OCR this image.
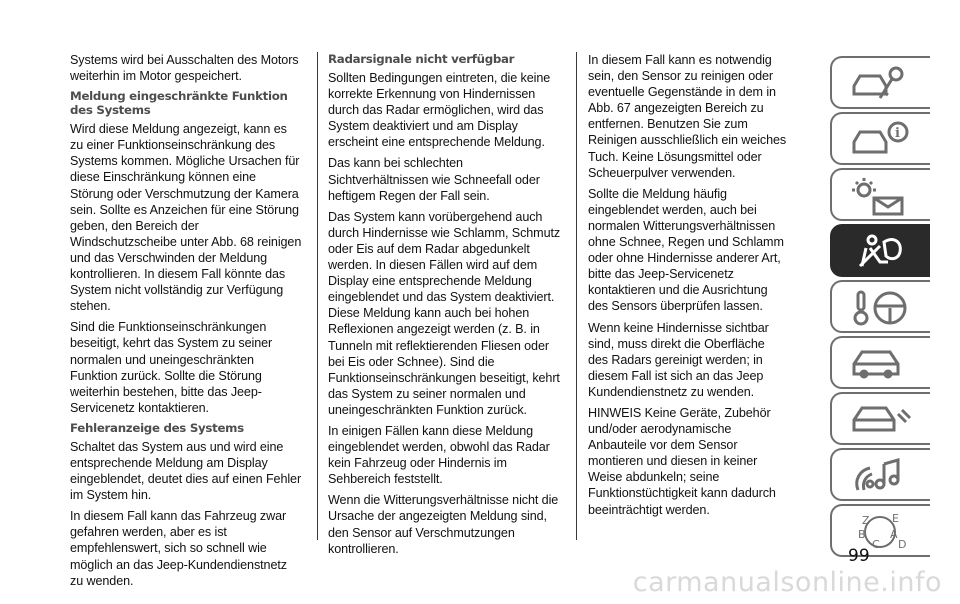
Systems wird bei Ausschalten des Motors weiterhin im Motor gespeichert.

Meldung eingeschränkte Funktion des Systems

Wird diese Meldung angezeigt, kann es zu einer Funktionseinschränkung des Systems kommen. Mögliche Ursachen für diese Einschränkung können eine Störung oder Verschmutzung der Kamera sein. Sollte es Anzeichen für eine Störung geben, den Bereich der Windschutzscheibe unter Abb. 68 reinigen und das Verschwinden der Meldung kontrollieren. In diesem Fall könnte das System nicht vollständig zur Verfügung stehen.

Sind die Funktionseinschränkungen beseitigt, kehrt das System zu seiner normalen und uneingeschränkten Funktion zurück. Sollte die Störung weiterhin bestehen, bitte das Jeep-Servicenetz kontaktieren.

Fehleranzeige des Systems

Schaltet das System aus und wird eine entsprechende Meldung am Display eingeblendet, deutet dies auf einen Fehler im System hin.

In diesem Fall kann das Fahrzeug zwar gefahren werden, aber es ist empfehlenswert, sich so schnell wie möglich an das Jeep-Kundendienstnetz zu wenden.

Radarsignale nicht verfügbar

Sollten Bedingungen eintreten, die keine korrekte Erkennung von Hindernissen durch das Radar ermöglichen, wird das System deaktiviert und am Display erscheint eine entsprechende Meldung.

Das kann bei schlechten Sichtverhältnissen wie Schneefall oder heftigem Regen der Fall sein.

Das System kann vorübergehend auch durch Hindernisse wie Schlamm, Schmutz oder Eis auf dem Radar abgedunkelt werden. In diesen Fällen wird auf dem Display eine entsprechende Meldung eingeblendet und das System deaktiviert. Diese Meldung kann auch bei hohen Reflexionen angezeigt werden (z. B. in Tunneln mit reflektierenden Fliesen oder bei Eis oder Schnee). Sind die Funktionseinschränkungen beseitigt, kehrt das System zu seiner normalen und uneingeschränkten Funktion zurück.

In einigen Fällen kann diese Meldung eingeblendet werden, obwohl das Radar kein Fahrzeug oder Hindernis im Sehbereich feststellt.

Wenn die Witterungsverhältnisse nicht die Ursache der angezeigten Meldung sind, den Sensor auf Verschmutzungen kontrollieren.

In diesem Fall kann es notwendig sein, den Sensor zu reinigen oder eventuelle Gegenstände in dem in Abb. 67 angezeigten Bereich zu entfernen. Benutzen Sie zum Reinigen ausschließlich ein weiches Tuch. Keine Lösungsmittel oder Scheuerpulver verwenden.

Sollte die Meldung häufig eingeblendet werden, auch bei normalen Witterungsverhältnissen ohne Schnee, Regen und Schlamm oder ohne Hindernisse anderer Art, bitte das Jeep-Servicenetz kontaktieren und die Ausrichtung des Sensors überprüfen lassen.

Wenn keine Hindernisse sichtbar sind, muss direkt die Oberfläche des Radars gereinigt werden; in diesem Fall ist sich an das Jeep Kundendienstnetz zu wenden.

HINWEIS Keine Geräte, Zubehör und/oder aerodynamische Anbauteile vor dem Sensor montieren und diesen in keiner Weise abdunkeln; seine Funktionstüchtigkeit kann dadurch beeinträchtigt werden.

i
Z E
B A
C D
99
carmanualsonline.info
